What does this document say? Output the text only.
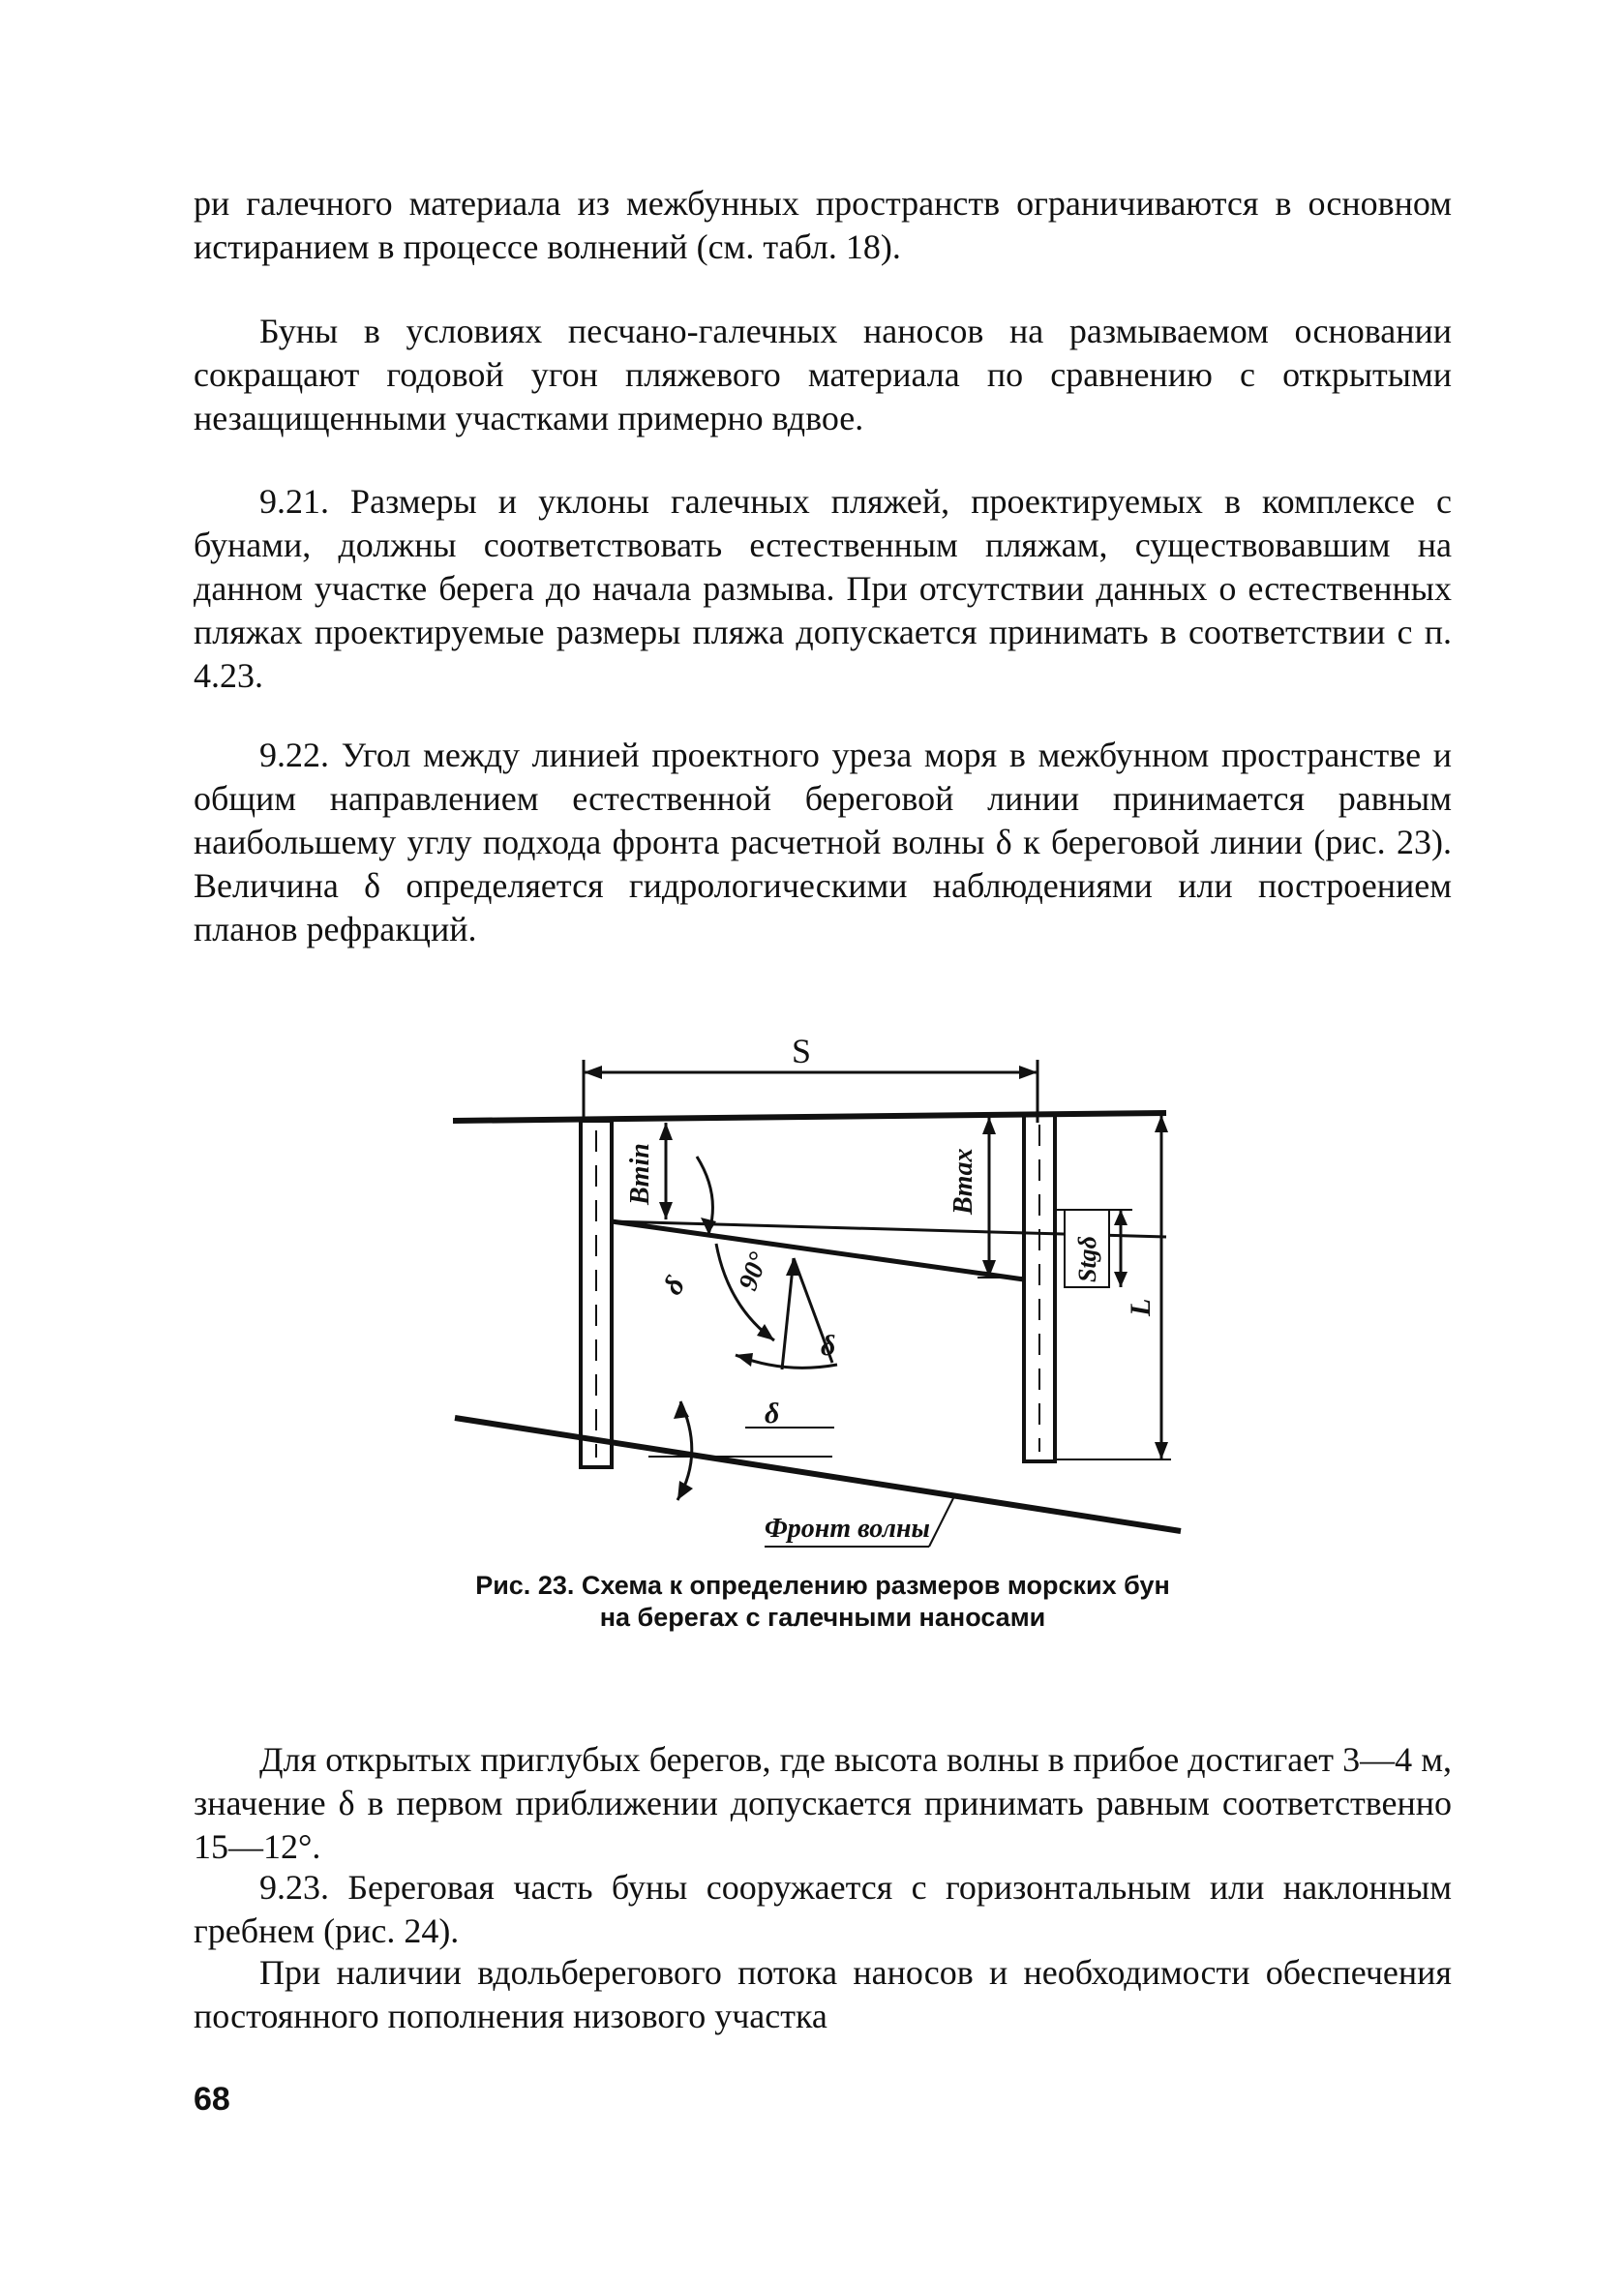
ри галечного материала из межбунных пространств ограничиваются в основном истиранием в процессе волнений (см. табл. 18).

Буны в условиях песчано-галечных наносов на размываемом основании сокращают годовой угон пляжевого материала по сравнению с открытыми незащищенными участками примерно вдвое.

9.21. Размеры и уклоны галечных пляжей, проектируемых в комплексе с бунами, должны соответствовать естественным пляжам, существовавшим на данном участке берега до начала размыва. При отсутствии данных о естественных пляжах проектируемые размеры пляжа допускается принимать в соответствии с п. 4.23.

9.22. Угол между линией проектного уреза моря в межбунном пространстве и общим направлением естественной береговой линии принимается равным наибольшему углу подхода фронта расчетной волны δ к береговой линии (рис. 23). Величина δ определяется гидрологическими наблюдениями или построением планов рефракций.

S
Bmin	Bmax
Stgδ
L
δ 90°
δ
δ
Фронт волны

Рис. 23. Схема к определению размеров морских бун на берегах с галечными наносами

Для открытых приглубых берегов, где высота волны в прибое достигает 3—4 м, значение δ в первом приближении допускается принимать равным соответственно 15—12°.

9.23. Береговая часть буны сооружается с горизонтальным или наклонным гребнем (рис. 24).

При наличии вдольберегового потока наносов и необходимости обеспечения постоянного пополнения низового участка

68
